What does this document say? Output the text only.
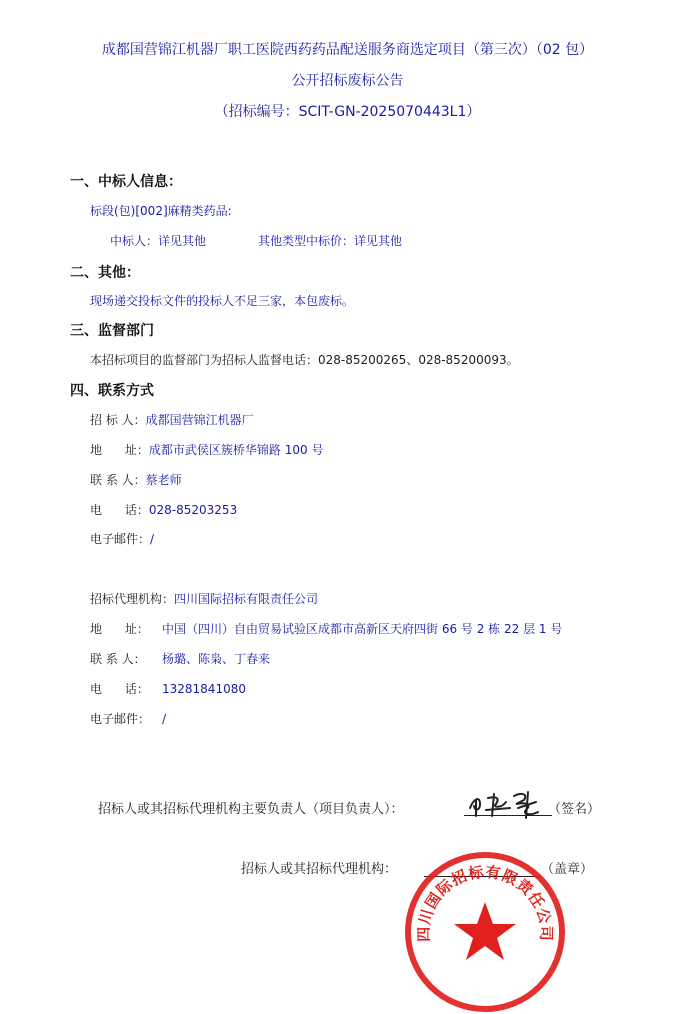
成都国营锦江机器厂职工医院西药药品配送服务商选定项目（第三次）（02 包）
公开招标废标公告
（招标编号：SCIT-GN-2025070443L1）
一、中标人信息：
标段(包)[002]麻精类药品:
中标人：详见其他	其他类型中标价：详见其他
二、其他：
现场递交投标文件的投标人不足三家，本包废标。
三、监督部门
本招标项目的监督部门为招标人监督电话：028-85200265、028-85200093。
四、联系方式
招 标 人：成都国营锦江机器厂
地      址：成都市武侯区簇桥华锦路 100 号
联 系 人：蔡老师
电      话：028-85203253
电子邮件：/
招标代理机构：四川国际招标有限责任公司
地      址： 中国（四川）自由贸易试验区成都市高新区天府四街 66 号 2 栋 22 层 1 号
联 系 人： 杨璐、陈枭、丁春来
电      话： 13281841080
电子邮件： /
招标人或其招标代理机构主要负责人（项目负责人）：	（签名）
招标人或其招标代理机构：	（盖章）
四川国际招标有限责任公司
